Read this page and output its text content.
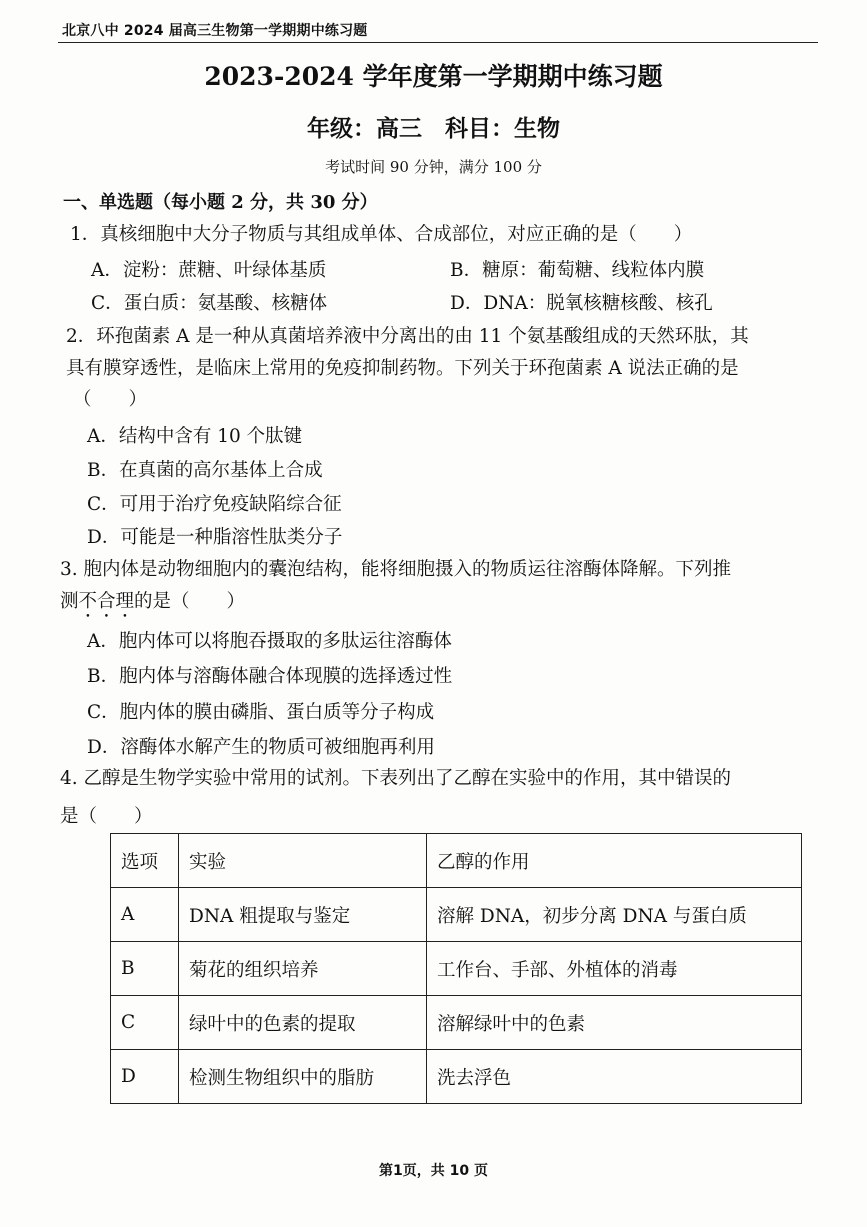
北京八中 2024 届高三生物第一学期期中练习题
2023-2024 学年度第一学期期中练习题
年级：高三　科目：生物
考试时间 90 分钟，满分 100 分
一、单选题（每小题 2 分，共 30 分）
1．真核细胞中大分子物质与其组成单体、合成部位，对应正确的是（　　）
A．淀粉：蔗糖、叶绿体基质	B．糖原：葡萄糖、线粒体内膜
C．蛋白质：氨基酸、核糖体	D．DNA：脱氧核糖核酸、核孔
2．环孢菌素 A 是一种从真菌培养液中分离出的由 11 个氨基酸组成的天然环肽，其
具有膜穿透性，是临床上常用的免疫抑制药物。下列关于环孢菌素 A 说法正确的是
（　　）
A．结构中含有 10 个肽键
B．在真菌的高尔基体上合成
C．可用于治疗免疫缺陷综合征
D．可能是一种脂溶性肽类分子
3. 胞内体是动物细胞内的囊泡结构，能将细胞摄入的物质运往溶酶体降解。下列推
测不合理的是（　　）
A．胞内体可以将胞吞摄取的多肽运往溶酶体
B．胞内体与溶酶体融合体现膜的选择透过性
C．胞内体的膜由磷脂、蛋白质等分子构成
D．溶酶体水解产生的物质可被细胞再利用
4. 乙醇是生物学实验中常用的试剂。下表列出了乙醇在实验中的作用，其中错误的
是（　　）
选项	实验	乙醇的作用
A	DNA 粗提取与鉴定	溶解 DNA，初步分离 DNA 与蛋白质
B	菊花的组织培养	工作台、手部、外植体的消毒
C	绿叶中的色素的提取	溶解绿叶中的色素
D	检测生物组织中的脂肪	洗去浮色
第1页，共 10 页
